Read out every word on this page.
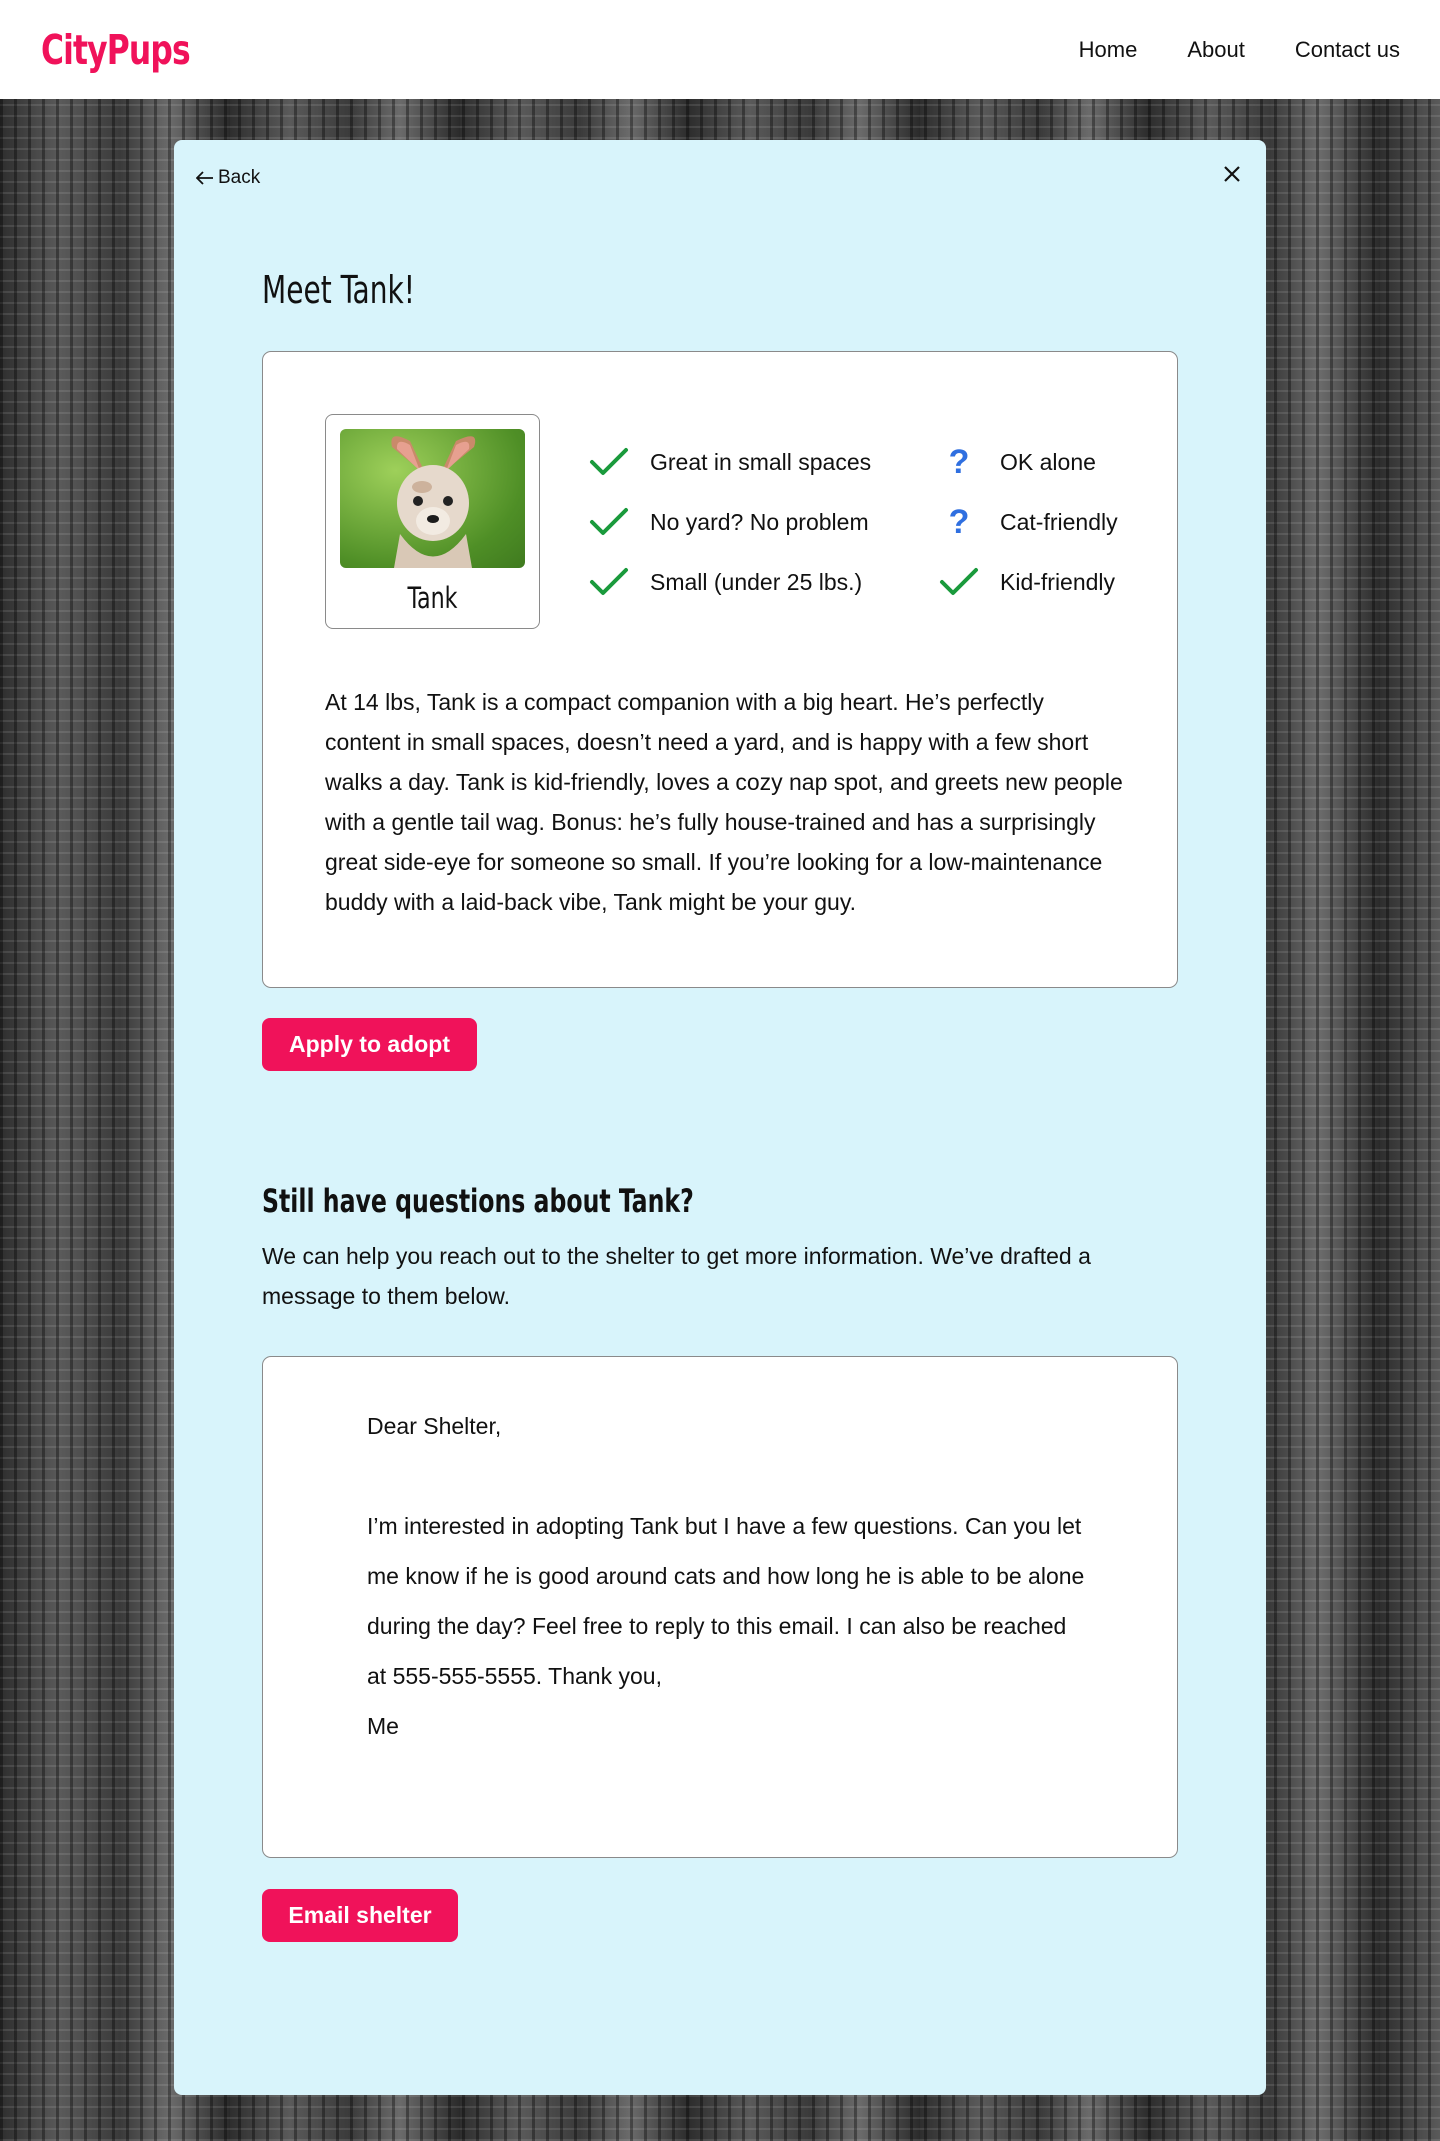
CityPups	Home About Contact us
Back
Meet Tank!
Tank
Great in small spaces
No yard? No problem
Small (under 25 lbs.)
? OK alone
? Cat-friendly
Kid-friendly

At 14 lbs, Tank is a compact companion with a big heart. He’s perfectly content in small spaces, doesn’t need a yard, and is happy with a few short walks a day. Tank is kid-friendly, loves a cozy nap spot, and greets new people with a gentle tail wag. Bonus: he’s fully house-trained and has a surprisingly great side-eye for someone so small. If you’re looking for a low-maintenance buddy with a laid-back vibe, Tank might be your guy.

Apply to adopt
Still have questions about Tank?

We can help you reach out to the shelter to get more information. We’ve drafted a message to them below.

Dear Shelter,

I’m interested in adopting Tank but I have a few questions. Can you let me know if he is good around cats and how long he is able to be alone during the day? Feel free to reply to this email. I can also be reached at 555-555-5555. Thank you,

Me

Email shelter
